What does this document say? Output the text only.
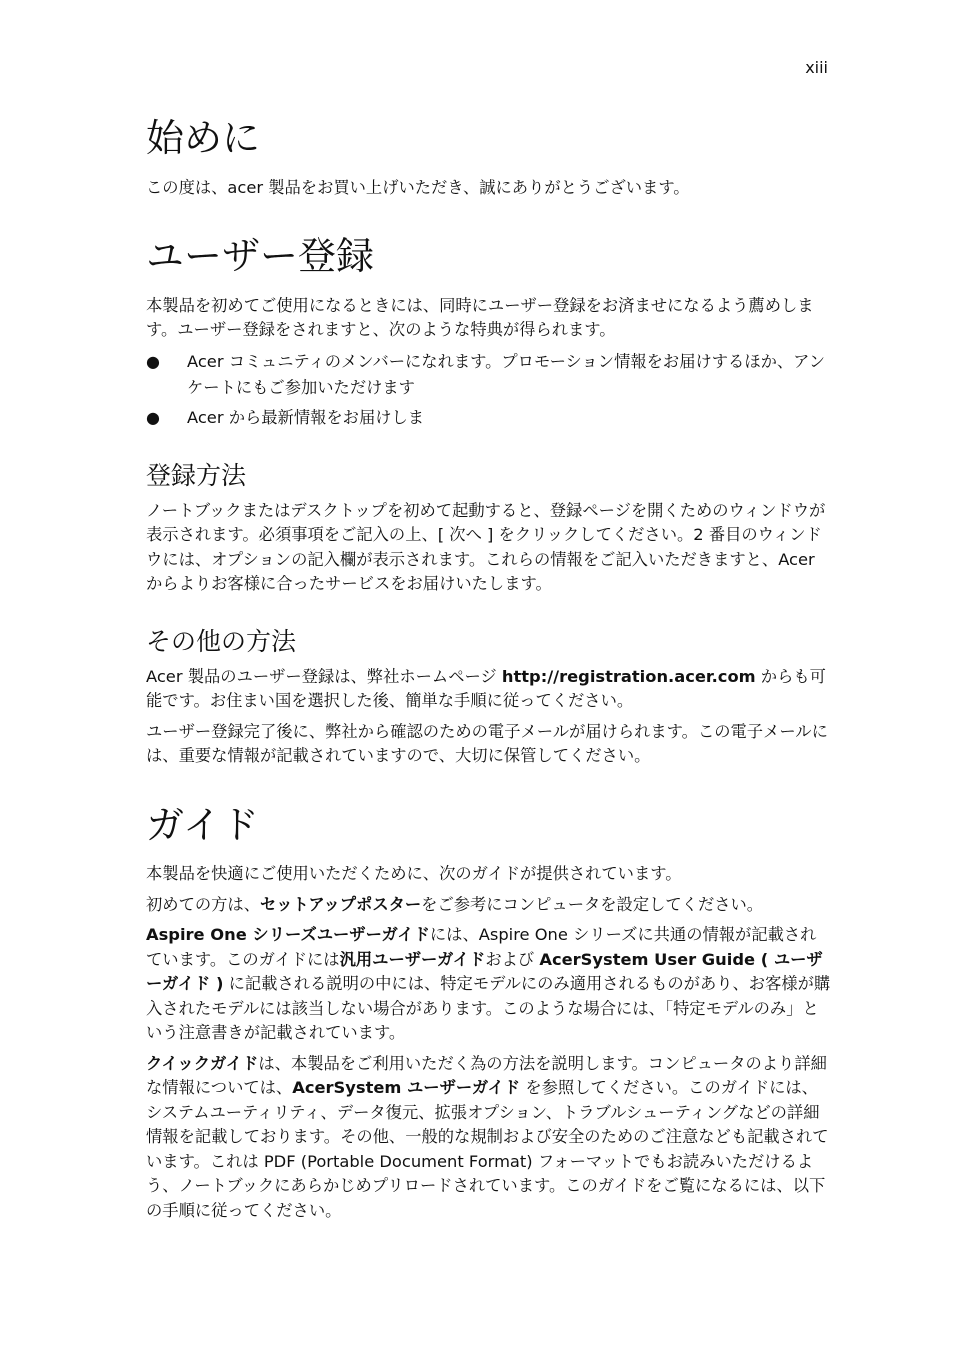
xiii
始めに

この度は、acer 製品をお買い上げいただき、誠にありがとうございます。

ユーザー登録

本製品を初めてご使用になるときには、同時にユーザー登録をお済ませになるよう薦めします。ユーザー登録をされますと、次のような特典が得られます。

● Acer コミュニティのメンバーになれます。プロモーション情報をお届けするほか、アンケートにもご参加いただけます
● Acer から最新情報をお届けしま
登録方法

ノートブックまたはデスクトップを初めて起動すると、登録ページを開くためのウィンドウが表示されます。必須事項をご記入の上、[ 次へ ] をクリックしてください。2 番目のウィンドウには、オプションの記入欄が表示されます。これらの情報をご記入いただきますと、Acer からよりお客様に合ったサービスをお届けいたします。

その他の方法

Acer 製品のユーザー登録は、弊社ホームページ http://registration.acer.com からも可能です。お住まい国を選択した後、簡単な手順に従ってください。

ユーザー登録完了後に、弊社から確認のための電子メールが届けられます。この電子メールには、重要な情報が記載されていますので、大切に保管してください。

ガイド

本製品を快適にご使用いただくために、次のガイドが提供されています。

初めての方は、セットアップポスターをご参考にコンピュータを設定してください。

Aspire One シリーズユーザーガイドには、Aspire One シリーズに共通の情報が記載されています。このガイドには汎用ユーザーガイドおよび AcerSystem User Guide ( ユーザーガイド ) に記載される説明の中には、特定モデルにのみ適用されるものがあり、お客様が購入されたモデルには該当しない場合があります。このような場合には、「特定モデルのみ」という注意書きが記載されています。

クイックガイドは、本製品をご利用いただく為の方法を説明します。コンピュータのより詳細な情報については、AcerSystem ユーザーガイド を参照してください。このガイドには、システムユーティリティ、データ復元、拡張オプション、トラブルシューティングなどの詳細情報を記載しております。その他、一般的な規制および安全のためのご注意なども記載されています。これは PDF (Portable Document Format) フォーマットでもお読みいただけるよう、ノートブックにあらかじめプリロードされています。このガイドをご覧になるには、以下の手順に従ってください。
